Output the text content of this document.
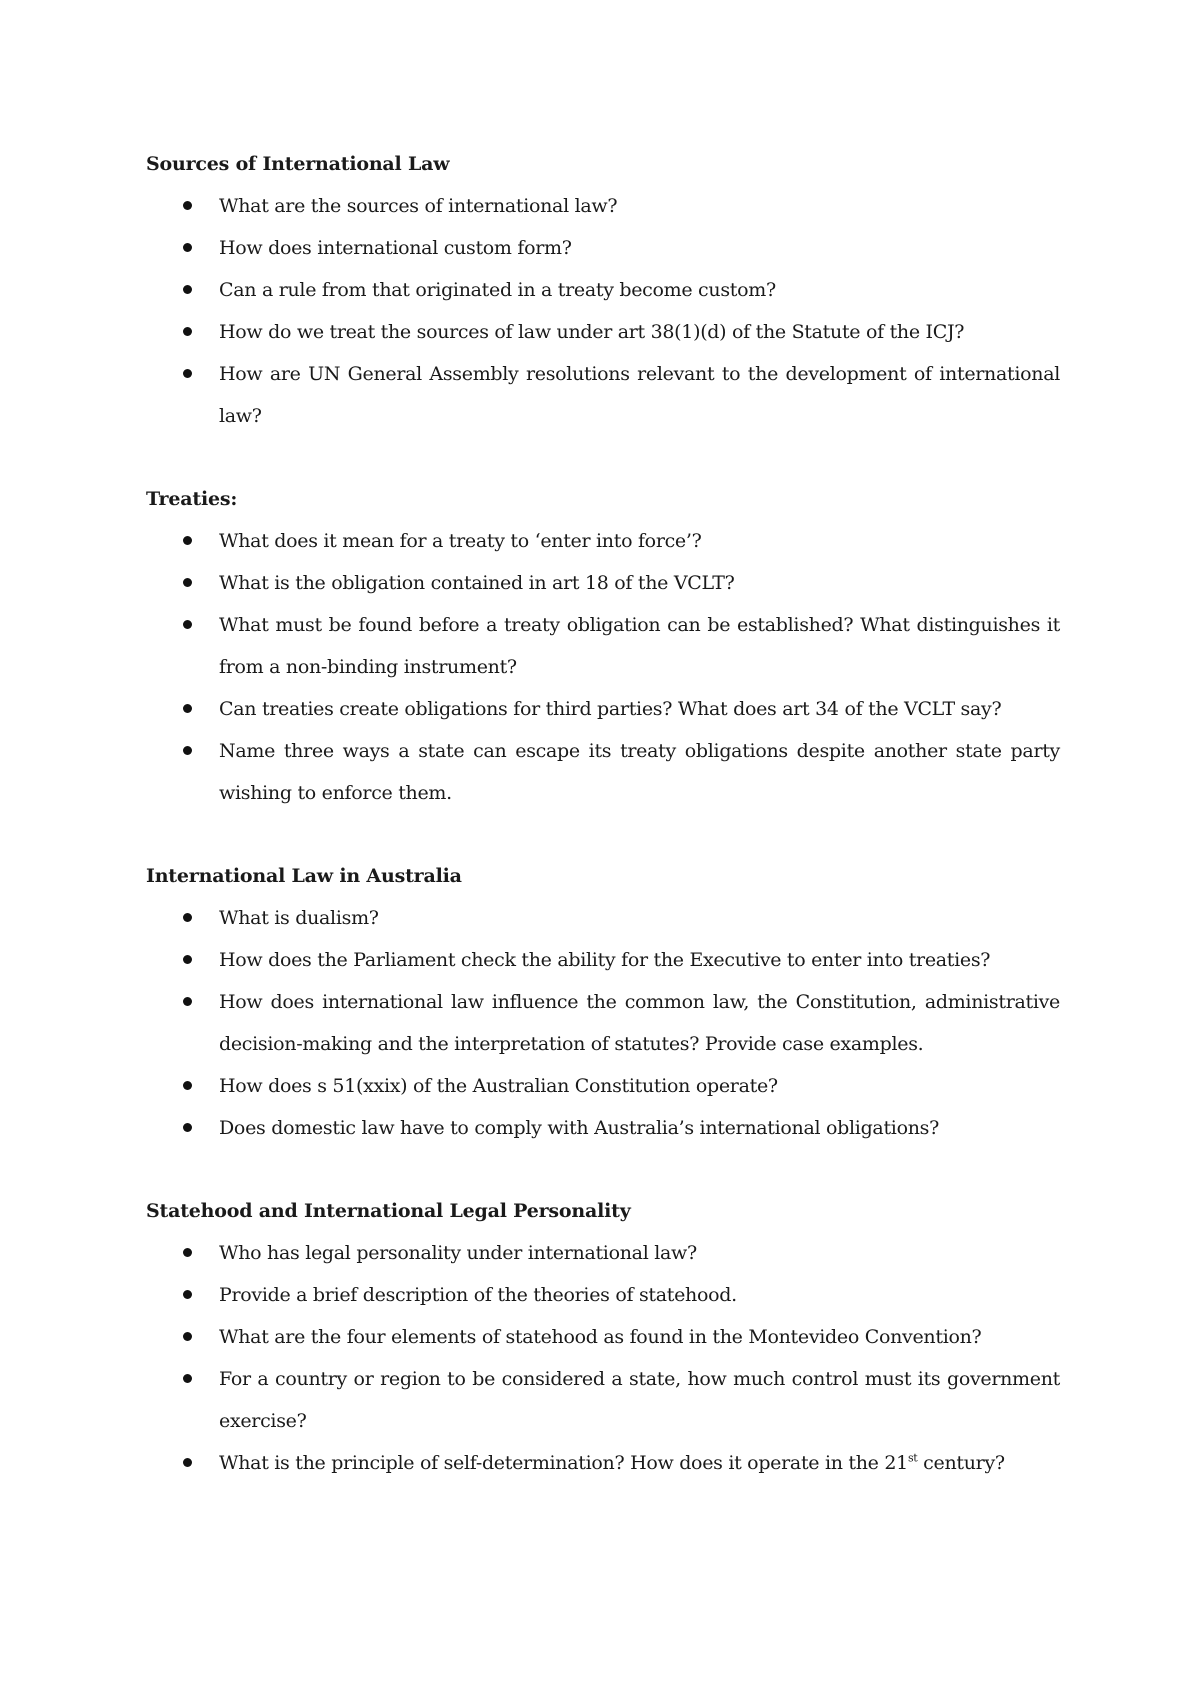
Sources of International Law

What are the sources of international law?
How does international custom form?
Can a rule from that originated in a treaty become custom?
How do we treat the sources of law under art 38(1)(d) of the Statute of the ICJ?
How are UN General Assembly resolutions relevant to the development of international law?

Treaties:

What does it mean for a treaty to ‘enter into force’?
What is the obligation contained in art 18 of the VCLT?
What must be found before a treaty obligation can be established? What distinguishes it from a non-binding instrument?
Can treaties create obligations for third parties? What does art 34 of the VCLT say?
Name three ways a state can escape its treaty obligations despite another state party wishing to enforce them.

International Law in Australia

What is dualism?
How does the Parliament check the ability for the Executive to enter into treaties?
How does international law influence the common law, the Constitution, administrative decision-making and the interpretation of statutes? Provide case examples.
How does s 51(xxix) of the Australian Constitution operate?
Does domestic law have to comply with Australia’s international obligations?

Statehood and International Legal Personality

Who has legal personality under international law?
Provide a brief description of the theories of statehood.
What are the four elements of statehood as found in the Montevideo Convention?
For a country or region to be considered a state, how much control must its government exercise?
What is the principle of self-determination? How does it operate in the 21st century?
